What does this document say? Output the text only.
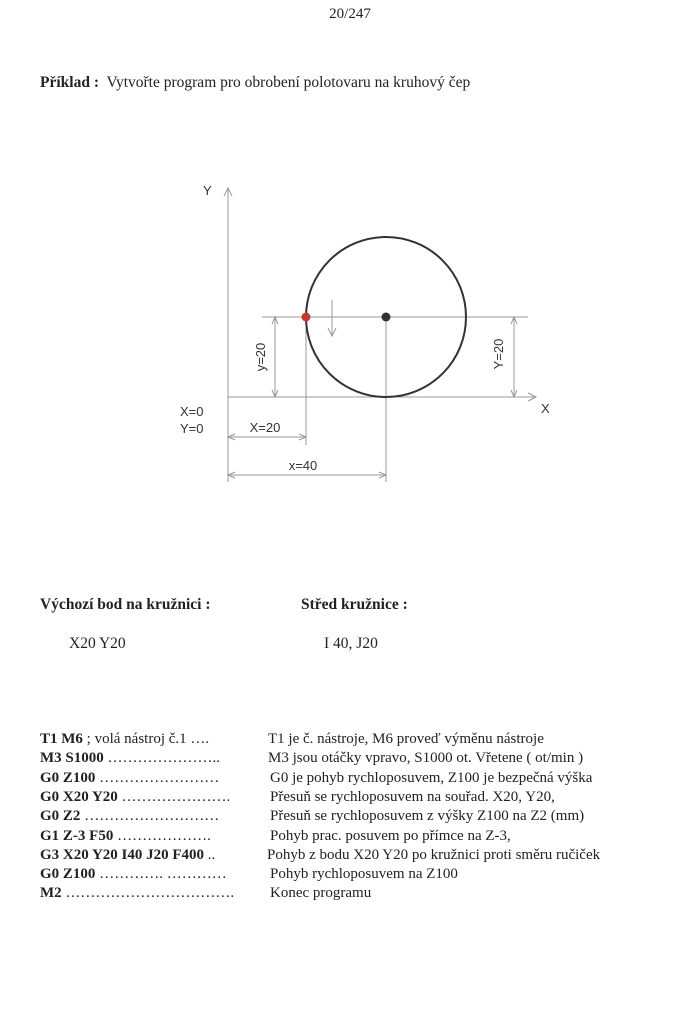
20/247
Příklad : Vytvořte program pro obrobení polotovaru na kruhový čep
y=20	Y=20
X=20
x=40
Y
X
X=0
Y=0
Výchozí bod na kružnici :	Střed kružnice :
X20 Y20	I 40, J20
T1 M6 ; volá nástroj č.1 ….	T1 je č. nástroje, M6 proveď výměnu nástroje
M3 S1000 …………………..	M3 jsou otáčky vpravo, S1000 ot. Vřetene ( ot/min )
G0 Z100 ……………………	G0 je pohyb rychloposuvem, Z100 je bezpečná výška
G0 X20 Y20 ………………….	Přesuň se rychloposuvem na souřad. X20, Y20,
G0 Z2 ………………………	Přesuň se rychloposuvem z výšky Z100 na Z2 (mm)
G1 Z-3 F50 ……………….	Pohyb prac. posuvem po přímce na Z-3,
G3 X20 Y20 I40 J20 F400 ..	Pohyb z bodu X20 Y20 po kružnici proti směru ručiček
G0 Z100 …………. …………	Pohyb rychloposuvem na Z100
M2 ……………………………. Konec programu
